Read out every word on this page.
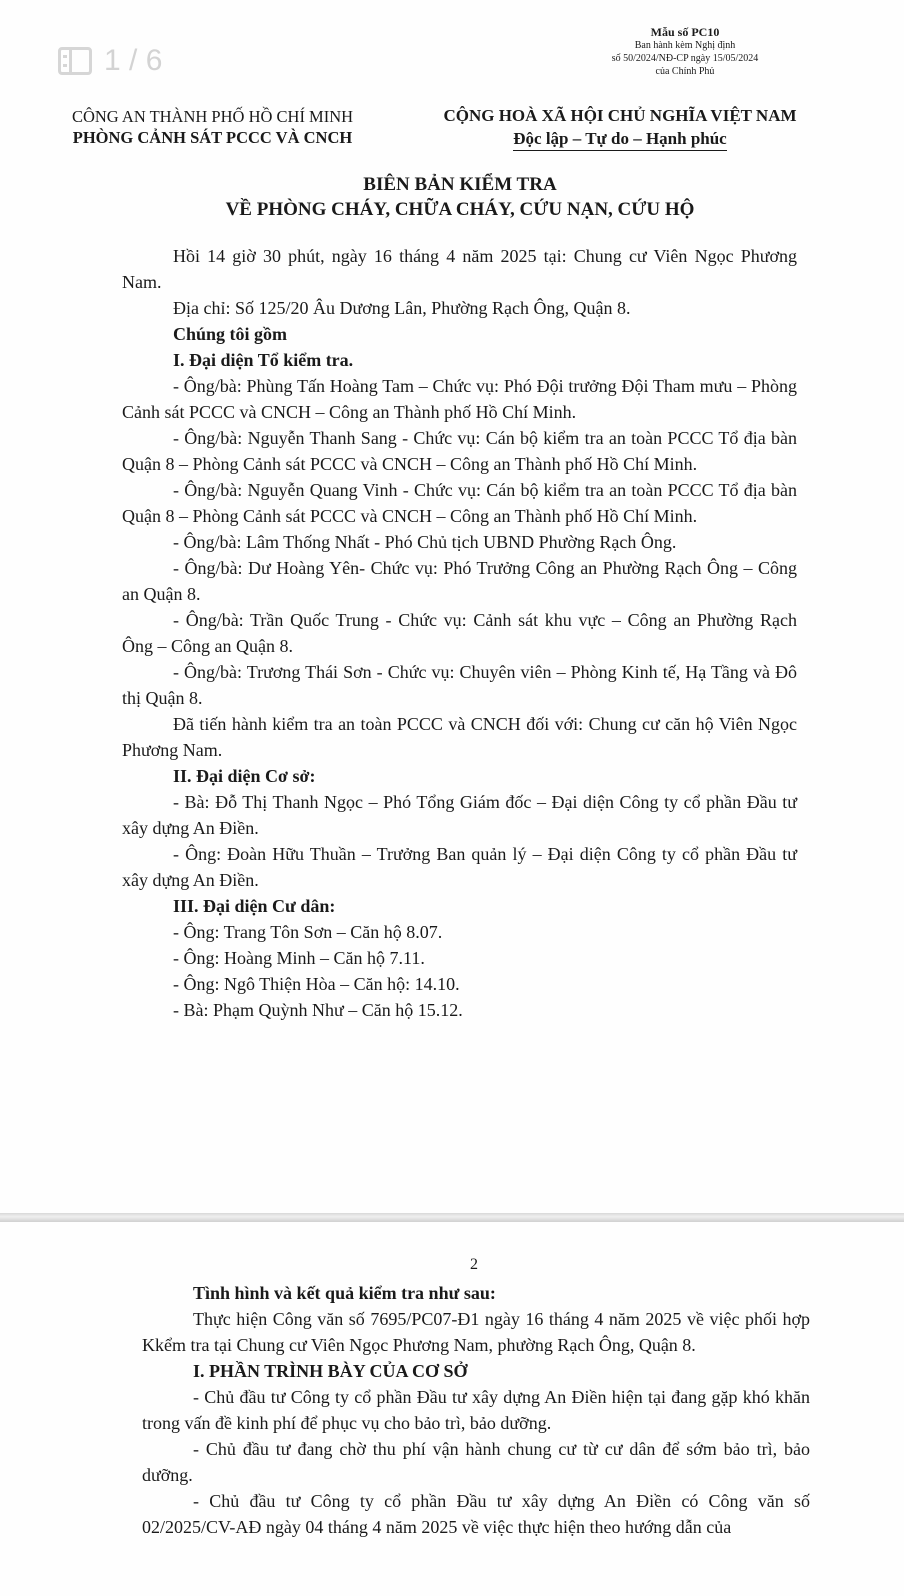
1 / 6
Mẫu số PC10
Ban hành kèm Nghị định
số 50/2024/NĐ-CP ngày 15/05/2024
của Chính Phủ
CÔNG AN THÀNH PHỐ HỒ CHÍ MINH
PHÒNG CẢNH SÁT PCCC VÀ CNCH
CỘNG HOÀ XÃ HỘI CHỦ NGHĨA VIỆT NAM
Độc lập – Tự do – Hạnh phúc
BIÊN BẢN KIỂM TRA
VỀ PHÒNG CHÁY, CHỮA CHÁY, CỨU NẠN, CỨU HỘ

Hồi 14 giờ 30 phút, ngày 16 tháng 4 năm 2025 tại: Chung cư Viên Ngọc Phương Nam.

Địa chỉ: Số 125/20 Âu Dương Lân, Phường Rạch Ông, Quận 8.

Chúng tôi gồm

I. Đại diện Tổ kiểm tra.

- Ông/bà: Phùng Tấn Hoàng Tam – Chức vụ: Phó Đội trưởng Đội Tham mưu – Phòng Cảnh sát PCCC và CNCH – Công an Thành phố Hồ Chí Minh.

- Ông/bà: Nguyễn Thanh Sang - Chức vụ: Cán bộ kiểm tra an toàn PCCC Tổ địa bàn Quận 8 – Phòng Cảnh sát PCCC và CNCH – Công an Thành phố Hồ Chí Minh.

- Ông/bà: Nguyễn Quang Vinh - Chức vụ: Cán bộ kiểm tra an toàn PCCC Tổ địa bàn Quận 8 – Phòng Cảnh sát PCCC và CNCH – Công an Thành phố Hồ Chí Minh.

- Ông/bà: Lâm Thống Nhất - Phó Chủ tịch UBND Phường Rạch Ông.

- Ông/bà: Dư Hoàng Yên- Chức vụ: Phó Trưởng Công an Phường Rạch Ông – Công an Quận 8.

- Ông/bà: Trần Quốc Trung - Chức vụ: Cảnh sát khu vực – Công an Phường Rạch Ông – Công an Quận 8.

- Ông/bà: Trương Thái Sơn - Chức vụ: Chuyên viên – Phòng Kinh tế, Hạ Tầng và Đô thị Quận 8.

Đã tiến hành kiểm tra an toàn PCCC và CNCH đối với: Chung cư căn hộ Viên Ngọc Phương Nam.

II. Đại diện Cơ sở:

- Bà: Đỗ Thị Thanh Ngọc – Phó Tổng Giám đốc – Đại diện Công ty cổ phần Đầu tư xây dựng An Điền.

- Ông: Đoàn Hữu Thuần – Trưởng Ban quản lý – Đại diện Công ty cổ phần Đầu tư xây dựng An Điền.

III. Đại diện Cư dân:

- Ông: Trang Tôn Sơn – Căn hộ 8.07.

- Ông: Hoàng Minh – Căn hộ 7.11.

- Ông: Ngô Thiện Hòa – Căn hộ: 14.10.

- Bà: Phạm Quỳnh Như – Căn hộ 15.12.

2

Tình hình và kết quả kiểm tra như sau:

Thực hiện Công văn số 7695/PC07-Đ1 ngày 16 tháng 4 năm 2025 về việc phối hợp Kkểm tra tại Chung cư Viên Ngọc Phương Nam, phường Rạch Ông, Quận 8.

I. PHẦN TRÌNH BÀY CỦA CƠ SỞ

- Chủ đầu tư Công ty cổ phần Đầu tư xây dựng An Điền hiện tại đang gặp khó khăn trong vấn đề kinh phí để phục vụ cho bảo trì, bảo dưỡng.

- Chủ đầu tư đang chờ thu phí vận hành chung cư từ cư dân để sớm bảo trì, bảo dưỡng.

- Chủ đầu tư Công ty cổ phần Đầu tư xây dựng An Điền có Công văn số 02/2025/CV-AĐ ngày 04 tháng 4 năm 2025 về việc thực hiện theo hướng dẫn của
